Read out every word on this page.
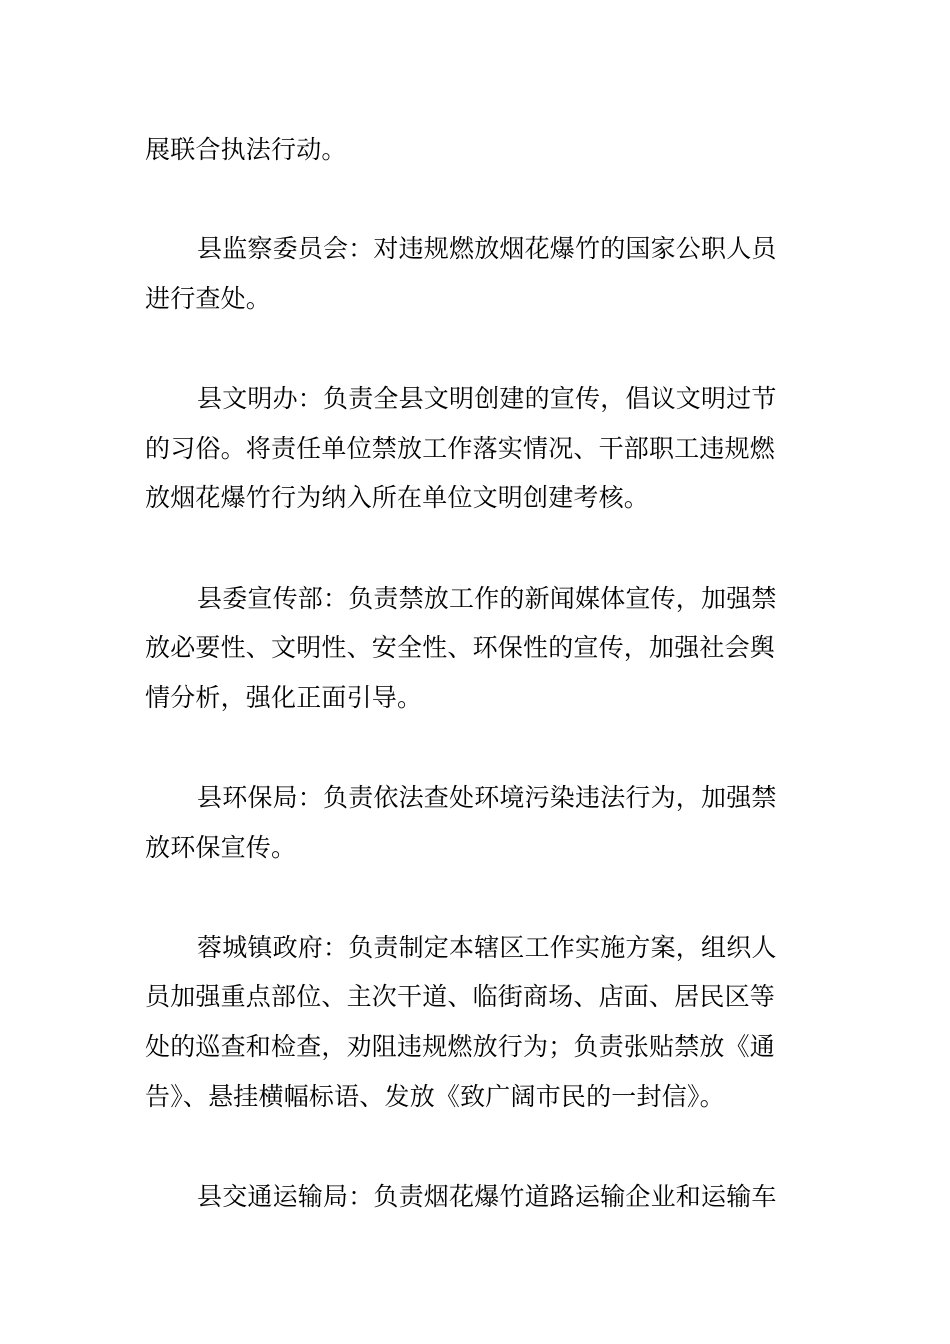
展联合执法行动。
县监察委员会：对违规燃放烟花爆竹的国家公职人员
进行查处。
县文明办：负责全县文明创建的宣传，倡议文明过节
的习俗。将责任单位禁放工作落实情况、干部职工违规燃
放烟花爆竹行为纳入所在单位文明创建考核。
县委宣传部：负责禁放工作的新闻媒体宣传，加强禁
放必要性、文明性、安全性、环保性的宣传，加强社会舆
情分析，强化正面引导。
县环保局：负责依法查处环境污染违法行为，加强禁
放环保宣传。
蓉城镇政府：负责制定本辖区工作实施方案，组织人
员加强重点部位、主次干道、临街商场、店面、居民区等
处的巡查和检查，劝阻违规燃放行为；负责张贴禁放《通
告》、悬挂横幅标语、发放《致广阔市民的一封信》。
县交通运输局：负责烟花爆竹道路运输企业和运输车
